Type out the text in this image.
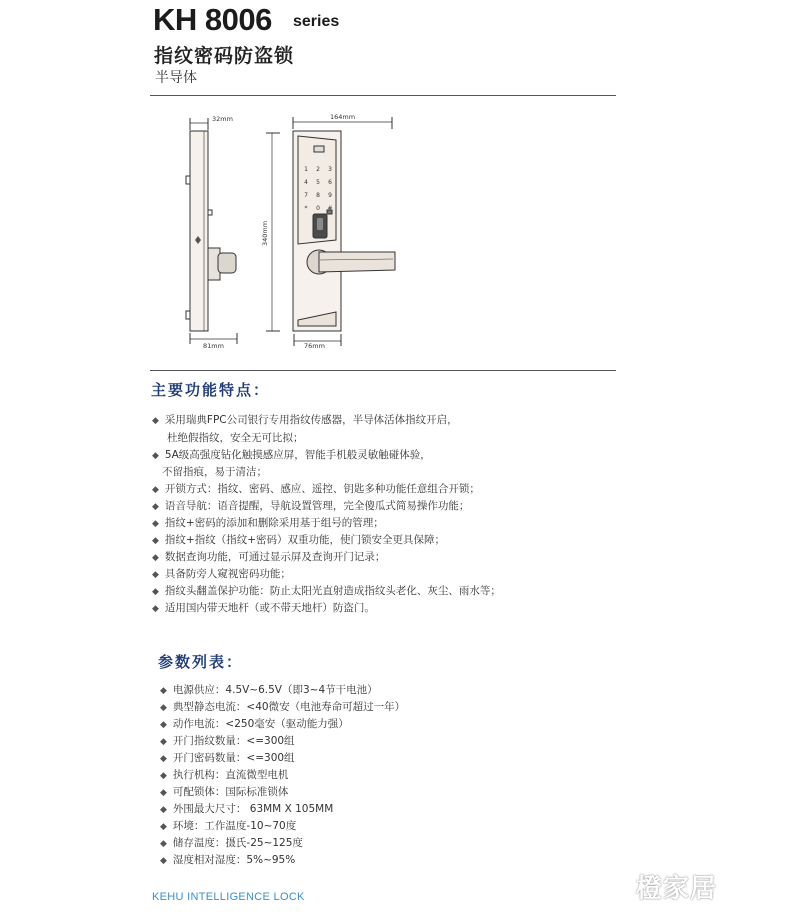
KH 8006 series
指纹密码防盗锁
半导体
1 2 3
4 5 6
7 8 9
* 0 #
32mm	164mm
81mm	76mm
340mm
主要功能特点：
◆ 采用瑞典FPC公司银行专用指纹传感器，半导体活体指纹开启，
杜绝假指纹，安全无可比拟；
◆ 5A级高强度钻化触摸感应屏，智能手机般灵敏触碰体验，
不留指痕，易于清洁；
◆ 开锁方式：指纹、密码、感应、遥控、钥匙多种功能任意组合开锁；
◆ 语音导航：语音提醒，导航设置管理，完全傻瓜式简易操作功能；
◆ 指纹+密码的添加和删除采用基于组号的管理；
◆ 指纹+指纹（指纹+密码）双重功能，使门锁安全更具保障；
◆ 数据查询功能，可通过显示屏及查询开门记录；
◆ 具备防旁人窥视密码功能；
◆ 指纹头翻盖保护功能：防止太阳光直射造成指纹头老化、灰尘、雨水等；
◆ 适用国内带天地杆（或不带天地杆）防盗门。
参数列表：
◆ 电源供应：4.5V~6.5V（即3~4节干电池）
◆ 典型静态电流：<40微安（电池寿命可超过一年）
◆ 动作电流：<250毫安（驱动能力强）
◆ 开门指纹数量：<=300组
◆ 开门密码数量：<=300组
◆ 执行机构：直流微型电机
◆ 可配锁体：国际标准锁体
◆ 外围最大尺寸： 63MM X 105MM
◆ 环境：工作温度-10~70度
◆ 储存温度：摄氏-25~125度
◆ 湿度相对湿度：5%~95%
KEHU INTELLIGENCE LOCK	橙家居
